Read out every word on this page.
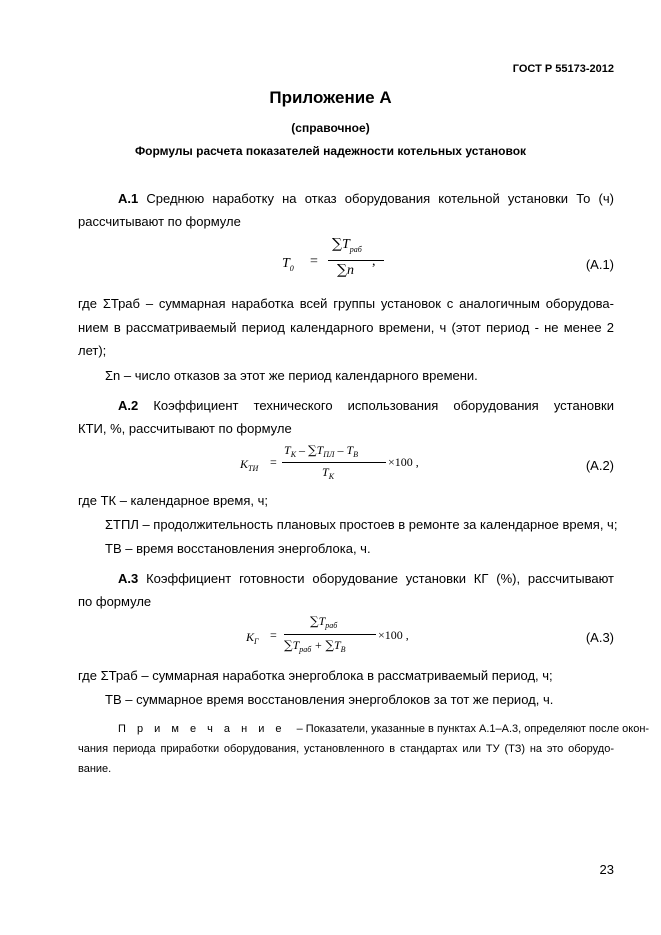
ГОСТ Р 55173-2012
Приложение А
(справочное)
Формулы расчета показателей надежности котельных установок
А.1 Среднюю наработку на отказ оборудования котельной установки То (ч)
рассчитывают по формуле
$T_0$ =
$\sum T_{раб}$
∑n
,	(А.1)
где ΣТраб – суммарная наработка всей группы установок с аналогичным оборудова-
нием в рассматриваемый период календарного времени, ч (этот период - не менее 2
лет);
Σn – число отказов за этот же период календарного времени.
А.2 Коэффициент технического использования оборудования установки
КТИ, %, рассчитывают по формуле
$K_{ТИ}$ =
$T_К - \sum T_{ПЛ} - T_В$
$T_К$
×100 ,	(А.2)
где ТК – календарное время, ч;
ΣТПЛ – продолжительность плановых простоев в ремонте за календарное время, ч;
ТВ – время восстановления энергоблока, ч.
А.3 Коэффициент готовности оборудование установки КГ (%), рассчитывают
по формуле
$K_Г$ =
$\sum T_{раб}$
$\sum T_{раб} + \sum T_В$
×100 ,	(А.3)
где ΣТраб – суммарная наработка энергоблока в рассматриваемый период, ч;
ТВ – суммарное время восстановления энергоблоков за тот же период, ч.
П р и м е ч а н и е – Показатели, указанные в пунктах А.1–А.3, определяют после окон-
чания периода приработки оборудования, установленного в стандартах или ТУ (ТЗ) на это оборудо-
вание.
23
